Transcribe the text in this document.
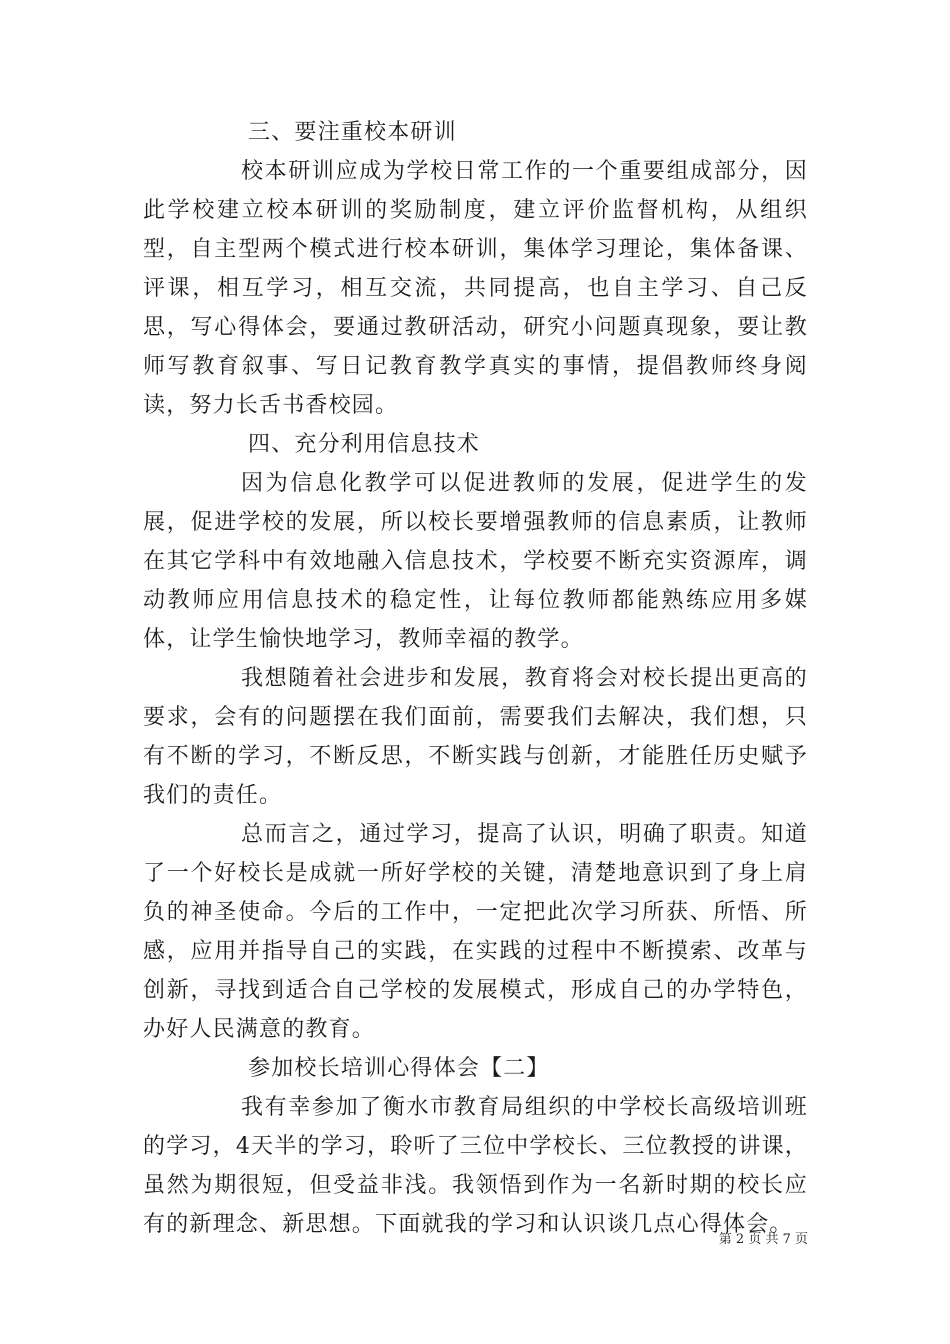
三、要注重校本研训

校本研训应成为学校日常工作的一个重要组成部分，因此学校建立校本研训的奖励制度，建立评价监督机构，从组织型，自主型两个模式进行校本研训，集体学习理论，集体备课、评课，相互学习，相互交流，共同提高，也自主学习、自己反思，写心得体会，要通过教研活动，研究小问题真现象，要让教师写教育叙事、写日记教育教学真实的事情，提倡教师终身阅读，努力长舌书香校园。

四、充分利用信息技术

因为信息化教学可以促进教师的发展，促进学生的发展，促进学校的发展，所以校长要增强教师的信息素质，让教师在其它学科中有效地融入信息技术，学校要不断充实资源库，调动教师应用信息技术的稳定性，让每位教师都能熟练应用多媒体，让学生愉快地学习，教师幸福的教学。

我想随着社会进步和发展，教育将会对校长提出更高的要求，会有的问题摆在我们面前，需要我们去解决，我们想，只有不断的学习，不断反思，不断实践与创新，才能胜任历史赋予我们的责任。

总而言之，通过学习，提高了认识，明确了职责。知道了一个好校长是成就一所好学校的关键，清楚地意识到了身上肩负的神圣使命。今后的工作中，一定把此次学习所获、所悟、所感，应用并指导自己的实践，在实践的过程中不断摸索、改革与创新，寻找到适合自己学校的发展模式，形成自己的办学特色，办好人民满意的教育。

参加校长培训心得体会【二】

我有幸参加了衡水市教育局组织的中学校长高级培训班的学习，4天半的学习，聆听了三位中学校长、三位教授的讲课，虽然为期很短，但受益非浅。我领悟到作为一名新时期的校长应有的新理念、新思想。下面就我的学习和认识谈几点心得体会。

第 2 页 共 7 页
